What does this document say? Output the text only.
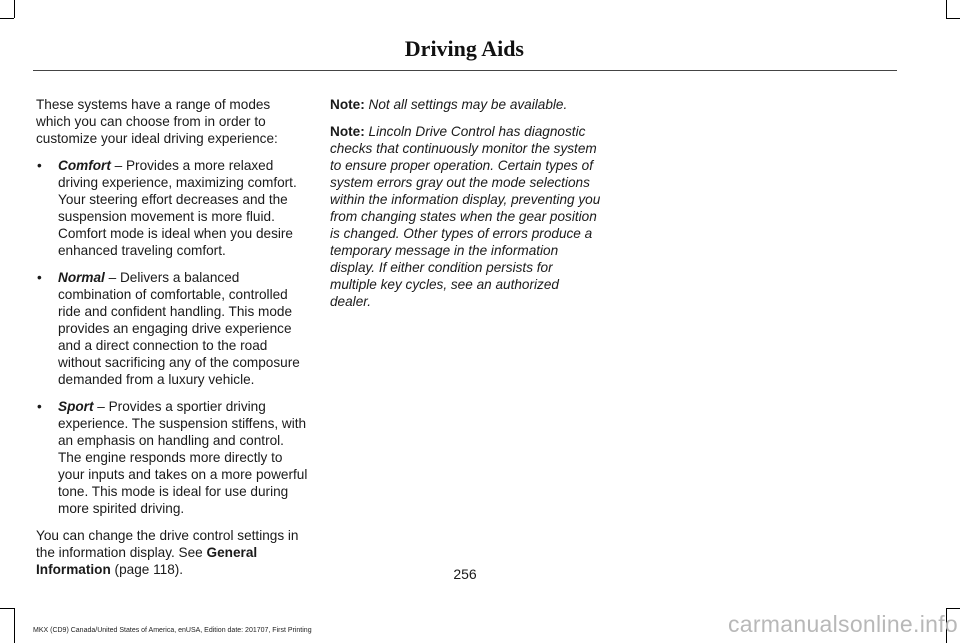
Driving Aids

These systems have a range of modes which you can choose from in order to customize your ideal driving experience:

• Comfort – Provides a more relaxed driving experience, maximizing comfort. Your steering effort decreases and the suspension movement is more fluid. Comfort mode is ideal when you desire enhanced traveling comfort.
• Normal – Delivers a balanced combination of comfortable, controlled ride and confident handling. This mode provides an engaging drive experience and a direct connection to the road without sacrificing any of the composure demanded from a luxury vehicle.
• Sport – Provides a sportier driving experience. The suspension stiffens, with an emphasis on handling and control. The engine responds more directly to your inputs and takes on a more powerful tone. This mode is ideal for use during more spirited driving.

You can change the drive control settings in the information display. See General Information (page 118).

Note: Not all settings may be available.

Note: Lincoln Drive Control has diagnostic checks that continuously monitor the system to ensure proper operation. Certain types of system errors gray out the mode selections within the information display, preventing you from changing states when the gear position is changed. Other types of errors produce a temporary message in the information display. If either condition persists for multiple key cycles, see an authorized dealer.

256
MKX (CD9) Canada/United States of America, enUSA, Edition date: 201707, First Printing	carmanualsonline.info
